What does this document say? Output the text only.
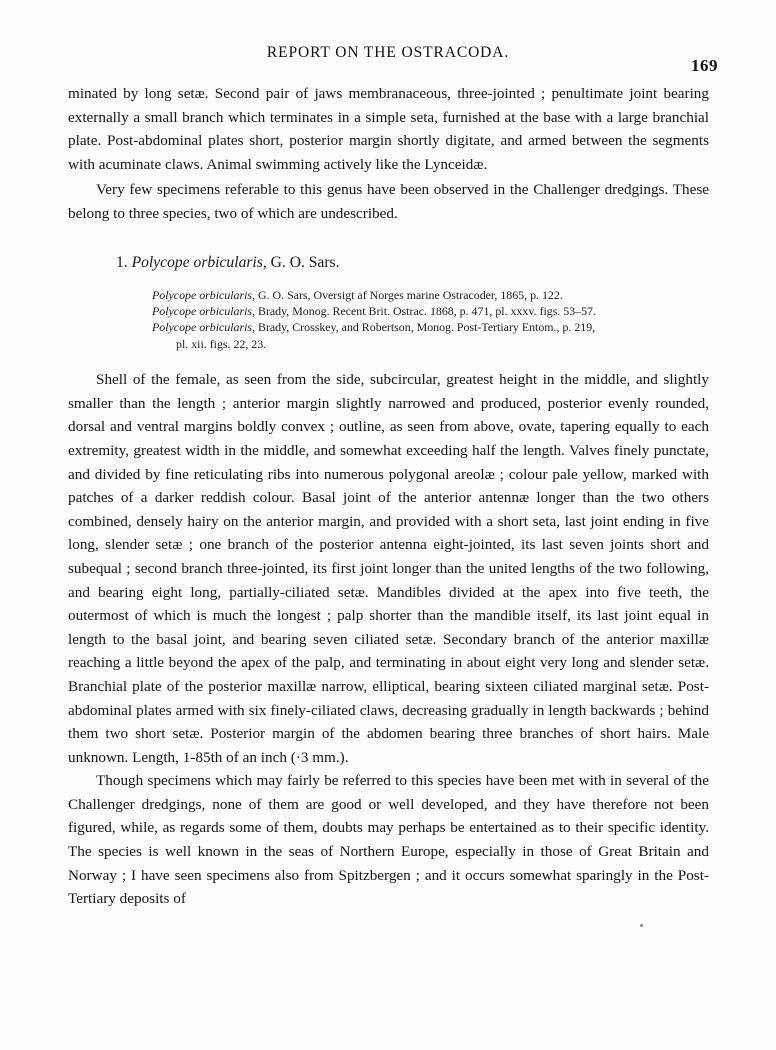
REPORT ON THE OSTRACODA.
169

minated by long setæ. Second pair of jaws membranaceous, three-jointed ; penultimate joint bearing externally a small branch which terminates in a simple seta, furnished at the base with a large branchial plate. Post-abdominal plates short, posterior margin shortly digitate, and armed between the segments with acuminate claws. Animal swimming actively like the Lynceidæ.

Very few specimens referable to this genus have been observed in the Challenger dredgings. These belong to three species, two of which are undescribed.

1. Polycope orbicularis, G. O. Sars.
Polycope orbicularis, G. O. Sars, Oversigt af Norges marine Ostracoder, 1865, p. 122.
Polycope orbicularis, Brady, Monog. Recent Brit. Ostrac. 1868, p. 471, pl. xxxv. figs. 53–57.
Polycope orbicularis, Brady, Crosskey, and Robertson, Monog. Post-Tertiary Entom., p. 219,
pl. xii. figs. 22, 23.

Shell of the female, as seen from the side, subcircular, greatest height in the middle, and slightly smaller than the length ; anterior margin slightly narrowed and produced, posterior evenly rounded, dorsal and ventral margins boldly convex ; outline, as seen from above, ovate, tapering equally to each extremity, greatest width in the middle, and somewhat exceeding half the length. Valves finely punctate, and divided by fine reticulating ribs into numerous polygonal areolæ ; colour pale yellow, marked with patches of a darker reddish colour. Basal joint of the anterior antennæ longer than the two others combined, densely hairy on the anterior margin, and provided with a short seta, last joint ending in five long, slender setæ ; one branch of the posterior antenna eight-jointed, its last seven joints short and subequal ; second branch three-jointed, its first joint longer than the united lengths of the two following, and bearing eight long, partially-ciliated setæ. Mandibles divided at the apex into five teeth, the outermost of which is much the longest ; palp shorter than the mandible itself, its last joint equal in length to the basal joint, and bearing seven ciliated setæ. Secondary branch of the anterior maxillæ reaching a little beyond the apex of the palp, and terminating in about eight very long and slender setæ. Branchial plate of the posterior maxillæ narrow, elliptical, bearing sixteen ciliated marginal setæ. Post-abdominal plates armed with six finely-ciliated claws, decreasing gradually in length backwards ; behind them two short setæ. Posterior margin of the abdomen bearing three branches of short hairs. Male unknown. Length, 1-85th of an inch (·3 mm.).

Though specimens which may fairly be referred to this species have been met with in several of the Challenger dredgings, none of them are good or well developed, and they have therefore not been figured, while, as regards some of them, doubts may perhaps be entertained as to their specific identity. The species is well known in the seas of Northern Europe, especially in those of Great Britain and Norway ; I have seen specimens also from Spitzbergen ; and it occurs somewhat sparingly in the Post-Tertiary deposits of
